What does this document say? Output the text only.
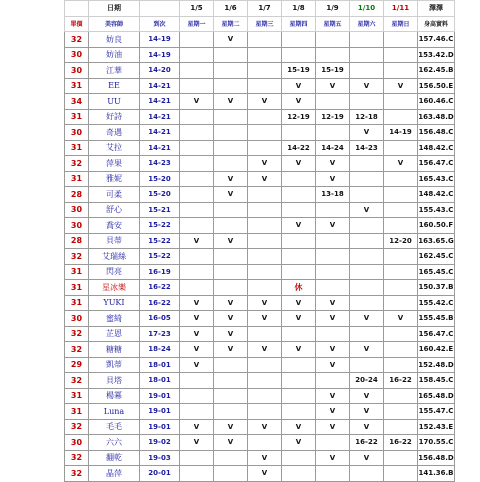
	日期		1/5	1/6	1/7	1/8	1/9	1/10	1/11	澤澤
單價	美容師	到次	星期一	星期二	星期三	星期四	星期五	星期六	星期日	身高實料
32	妨良	14-19		V						157.46.C
30	妨油	14-19								153.42.D
30	江華	14-20				15-19	15-19			162.45.B
31	EE	14-21				V	V	V	V	156.50.E
34	UU	14-21	V	V	V	V				160.46.C
31	好詩	14-21				12-19	12-19	12-18		163.48.D
30	奇遇	14-21						V	14-19	156.48.C
31	艾拉	14-21				14-22	14-24	14-23		148.42.C
32	萍果	14-23			V	V	V		V	156.47.C
31	雅妮	15-20		V	V		V			165.43.C
28	可柔	15-20		V			13-18			148.42.C
30	舒心	15-21						V		155.43.C
30	喬安	15-22				V	V			160.50.F
28	貝蒂	15-22	V	V					12-20	163.65.G
32	艾瑞絲	15-22								162.45.C
31	閃亮	16-19								165.45.C
31	星冰樂	16-22				休				150.37.B
31	YUKI	16-22	V	V	V	V	V			155.42.C
30	蜜綺	16-05	V	V	V	V	V	V	V	155.45.B
32	芷恩	17-23	V	V						156.47.C
32	糖糖	18-24	V	V	V	V	V	V		160.42.E
29	凱蒂	18-01	V				V			152.48.D
32	貝塔	18-01						20-24	16-22	158.45.C
31	楊冪	19-01					V	V		165.48.D
31	Luna	19-01					V	V		155.47.C
32	毛毛	19-01	V	V	V	V	V	V		152.43.E
30	六六	19-02	V	V		V		16-22	16-22	170.55.C
32	翻乾	19-03			V		V	V		156.48.D
32	晶萍	20-01			V					141.36.B
